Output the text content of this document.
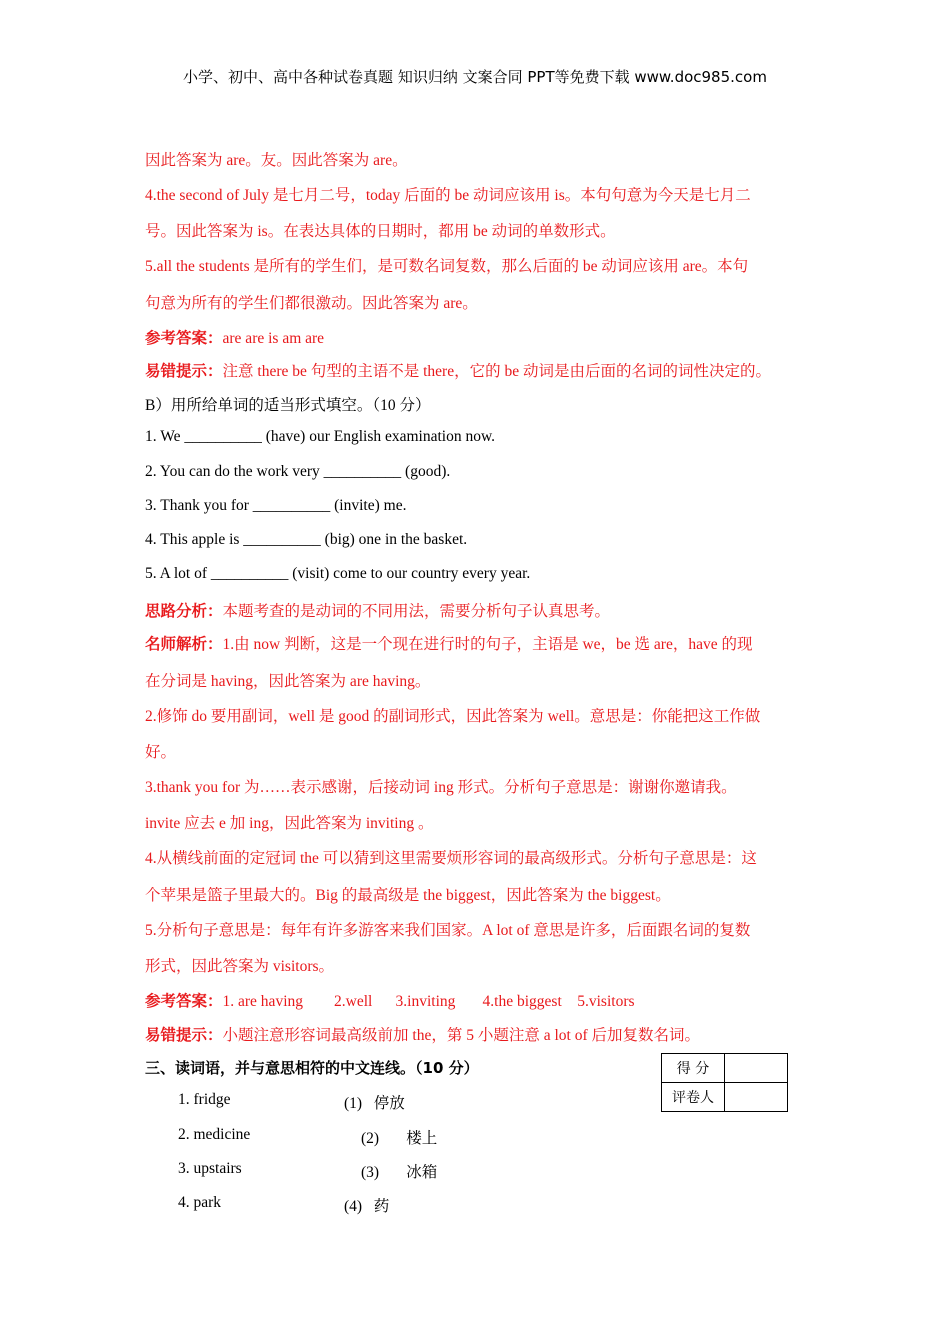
小学、初中、高中各种试卷真题 知识归纳 文案合同 PPT等免费下载 www.doc985.com
因此答案为 are。友。因此答案为 are。
4.the second of July 是七月二号，today 后面的 be 动词应该用 is。本句句意为今天是七月二
号。因此答案为 is。在表达具体的日期时，都用 be 动词的单数形式。
5.all the students 是所有的学生们，是可数名词复数，那么后面的 be 动词应该用 are。本句
句意为所有的学生们都很激动。因此答案为 are。
参考答案：are are is am are
易错提示：注意 there be 句型的主语不是 there，它的 be 动词是由后面的名词的词性决定的。
B）用所给单词的适当形式填空。（10 分）
1. We __________ (have) our English examination now.
2. You can do the work very __________ (good).
3. Thank you for __________ (invite) me.
4. This apple is __________ (big) one in the basket.
5. A lot of __________ (visit) come to our country every year.
思路分析：本题考查的是动词的不同用法，需要分析句子认真思考。
名师解析：1.由 now 判断，这是一个现在进行时的句子，主语是 we，be 选 are，have 的现
在分词是 having，因此答案为 are having。
2.修饰 do 要用副词，well 是 good 的副词形式，因此答案为 well。意思是：你能把这工作做
好。
3.thank you for 为……表示感谢，后接动词 ing 形式。分析句子意思是：谢谢你邀请我。
invite 应去 e 加 ing，因此答案为 inviting 。
4.从横线前面的定冠词 the 可以猜到这里需要烦形容词的最高级形式。分析句子意思是：这
个苹果是篮子里最大的。Big 的最高级是 the biggest，因此答案为 the biggest。
5.分析句子意思是：每年有许多游客来我们国家。A lot of 意思是许多，后面跟名词的复数
形式，因此答案为 visitors。
参考答案：1. are having        2.well      3.inviting       4.the biggest    5.visitors
易错提示：小题注意形容词最高级前加 the，第 5 小题注意 a lot of 后加复数名词。
三、读词语，并与意思相符的中文连线。（10 分）	得 分	
评卷人	
1. fridge
2. medicine
3. upstairs
4. park
(1)   停放
(2)       楼上
(3)       冰箱
(4)   药
